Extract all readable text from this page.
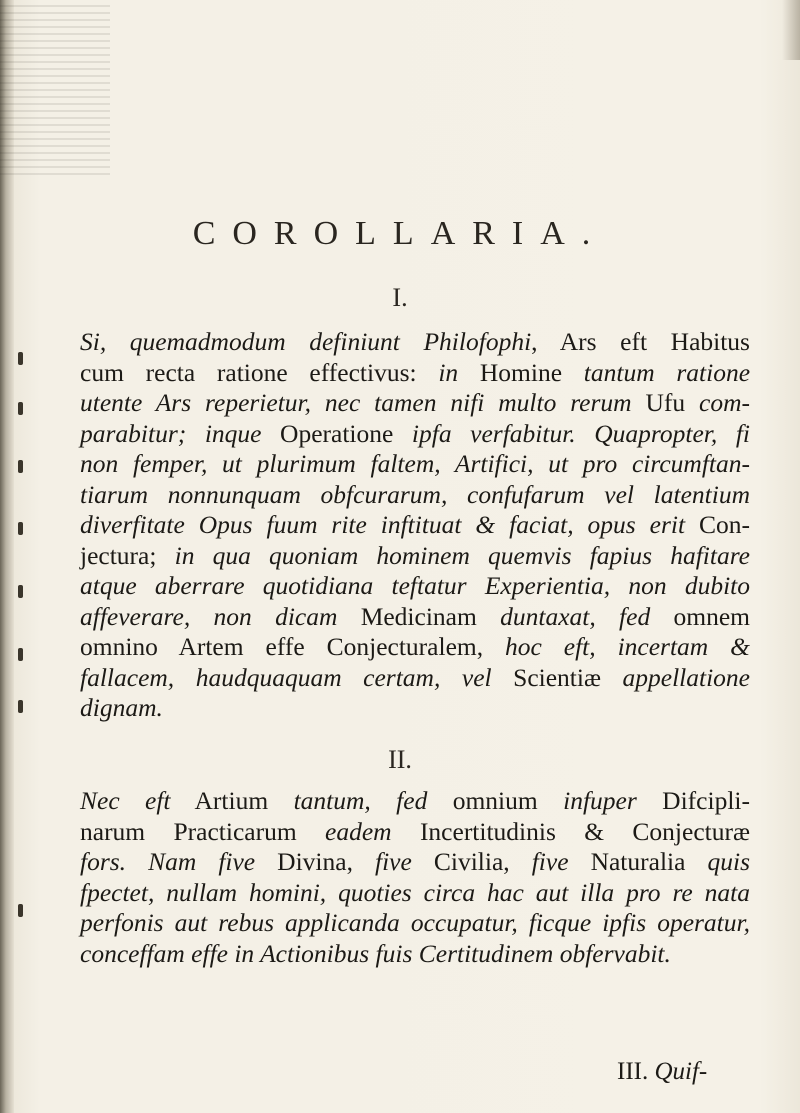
COROLLARIA.
I.
Si, quemadmodum definiunt Philofophi, Ars eft Habitus
cum recta ratione effectivus: in Homine tantum ratione
utente Ars reperietur, nec tamen nifi multo rerum Ufu com-
parabitur; inque Operatione ipfa verfabitur. Quapropter, fi
non femper, ut plurimum faltem, Artifici, ut pro circumftan-
tiarum nonnunquam obfcurarum, confufarum vel latentium
diverfitate Opus fuum rite inftituat & faciat, opus erit Con-
jectura; in qua quoniam hominem quemvis fapius hafitare
atque aberrare quotidiana teftatur Experientia, non dubito
affeverare, non dicam Medicinam duntaxat, fed omnem
omnino Artem effe Conjecturalem, hoc eft, incertam &
fallacem, haudquaquam certam, vel Scientiæ appellatione
dignam.
II.
Nec eft Artium tantum, fed omnium infuper Difcipli-
narum Practicarum eadem Incertitudinis & Conjecturæ
fors. Nam five Divina, five Civilia, five Naturalia quis
fpectet, nullam homini, quoties circa hac aut illa pro re nata
perfonis aut rebus applicanda occupatur, ficque ipfis operatur,
conceffam effe in Actionibus fuis Certitudinem obfervabit.
III. Quif-
